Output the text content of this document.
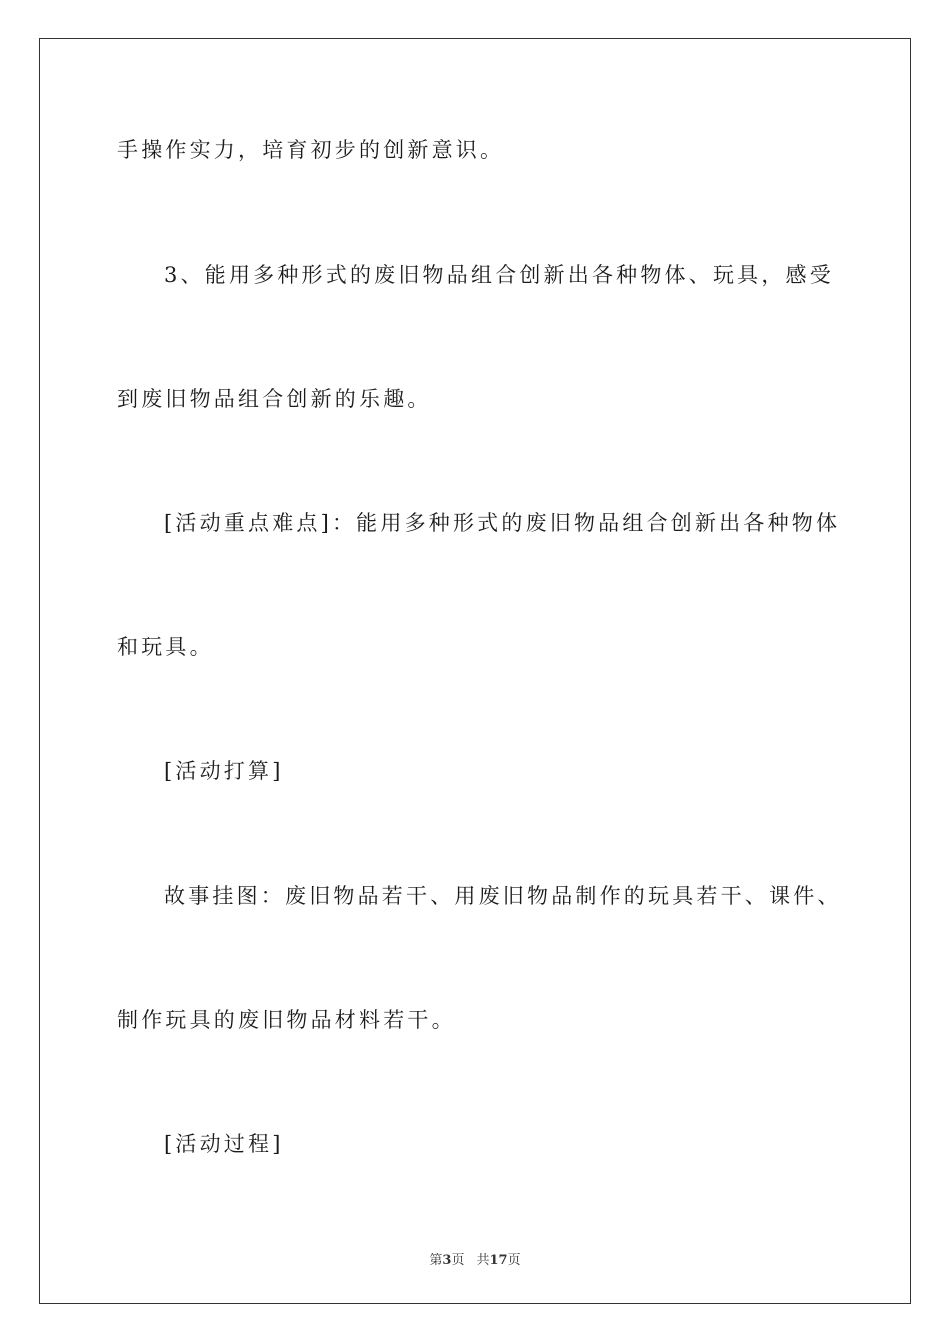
手操作实力，培育初步的创新意识。
3、能用多种形式的废旧物品组合创新出各种物体、玩具，感受
到废旧物品组合创新的乐趣。
[活动重点难点]：能用多种形式的废旧物品组合创新出各种物体
和玩具。
[活动打算]
故事挂图：废旧物品若干、用废旧物品制作的玩具若干、课件、
制作玩具的废旧物品材料若干。
[活动过程]
第3页 共17页
